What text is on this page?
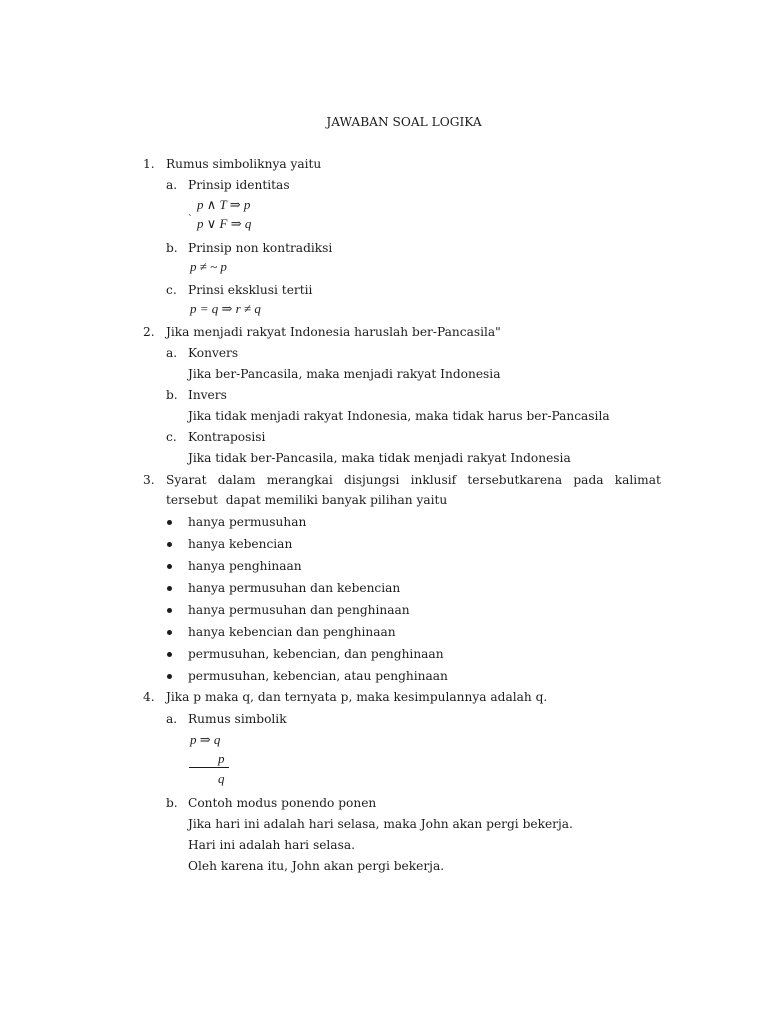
JAWABAN SOAL LOGIKA
1. Rumus simboliknya yaitu
a. Prinsip identitas
p ∧ T ⇒ p
` p ∨ F ⇒ q
b. Prinsip non kontradiksi
p ≠ ~ p
c. Prinsi eksklusi tertii
p = q ⇒ r ≠ q
2. Jika menjadi rakyat Indonesia haruslah ber-Pancasila"
a. Konvers
Jika ber-Pancasila, maka menjadi rakyat Indonesia
b. Invers
Jika tidak menjadi rakyat Indonesia, maka tidak harus ber-Pancasila
c. Kontraposisi
Jika tidak ber-Pancasila, maka tidak menjadi rakyat Indonesia
3. Syarat dalam merangkai disjungsi inklusif tersebutkarena pada kalimat
tersebut  dapat memiliki banyak pilihan yaitu
hanya permusuhan
hanya kebencian
hanya penghinaan
hanya permusuhan dan kebencian
hanya permusuhan dan penghinaan
hanya kebencian dan penghinaan
permusuhan, kebencian, dan penghinaan
permusuhan, kebencian, atau penghinaan
4. Jika p maka q, dan ternyata p, maka kesimpulannya adalah q.
a. Rumus simbolik
p ⇒ q
p
q
b. Contoh modus ponendo ponen
Jika hari ini adalah hari selasa, maka John akan pergi bekerja.
Hari ini adalah hari selasa.
Oleh karena itu, John akan pergi bekerja.
